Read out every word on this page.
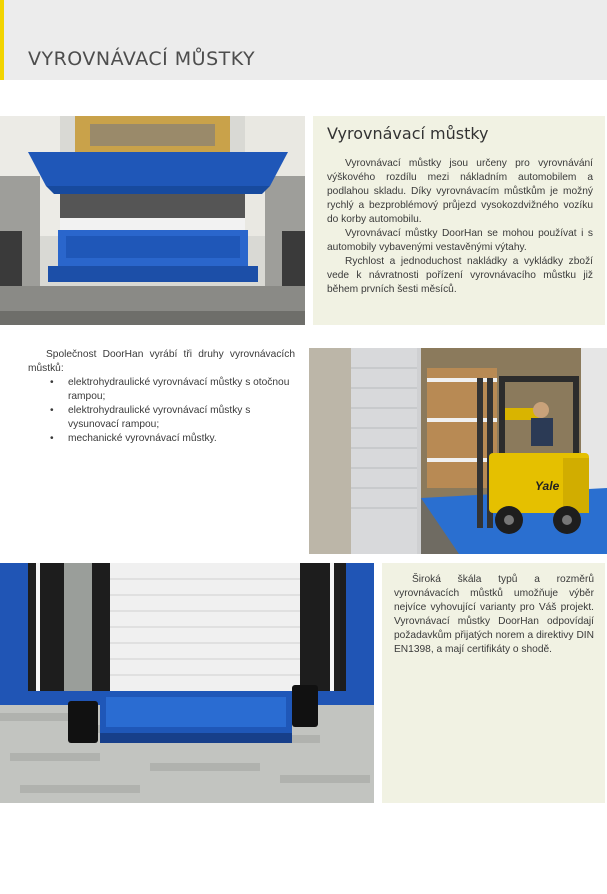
VYROVNÁVACÍ MŮSTKY
Vyrovnávací můstky

Vyrovnávací můstky jsou určeny pro vyrovnávání výškového rozdílu mezi nákladním automobilem a podlahou skladu. Díky vyrovnávacím můstkům je možný rychlý a bezproblémový průjezd vysokozdvižného vozíku do korby automobilu.

Vyrovnávací můstky DoorHan se mohou používat i s automobily vybavenými vestavěnými výtahy.

Rychlost a jednoduchost nakládky a vykládky zboží vede k návratnosti pořízení vyrovnávacího můstku již během prvních šesti měsíců.

Společnost DoorHan vyrábí tři druhy vyrovnávacích můstků:

• elektrohydraulické vyrovnávací můstky s otočnou rampou;
• elektrohydraulické vyrovnávací můstky s vysunovací rampou;
• mechanické vyrovnávací můstky.
Yale

Široká škála typů a rozměrů vyrovnávacích můstků umožňuje výběr nejvíce vyhovující varianty pro Váš projekt. Vyrovnávací můstky DoorHan odpovídají požadavkům přijatých norem a direktivy DIN EN1398, a mají certifikáty o shodě.
